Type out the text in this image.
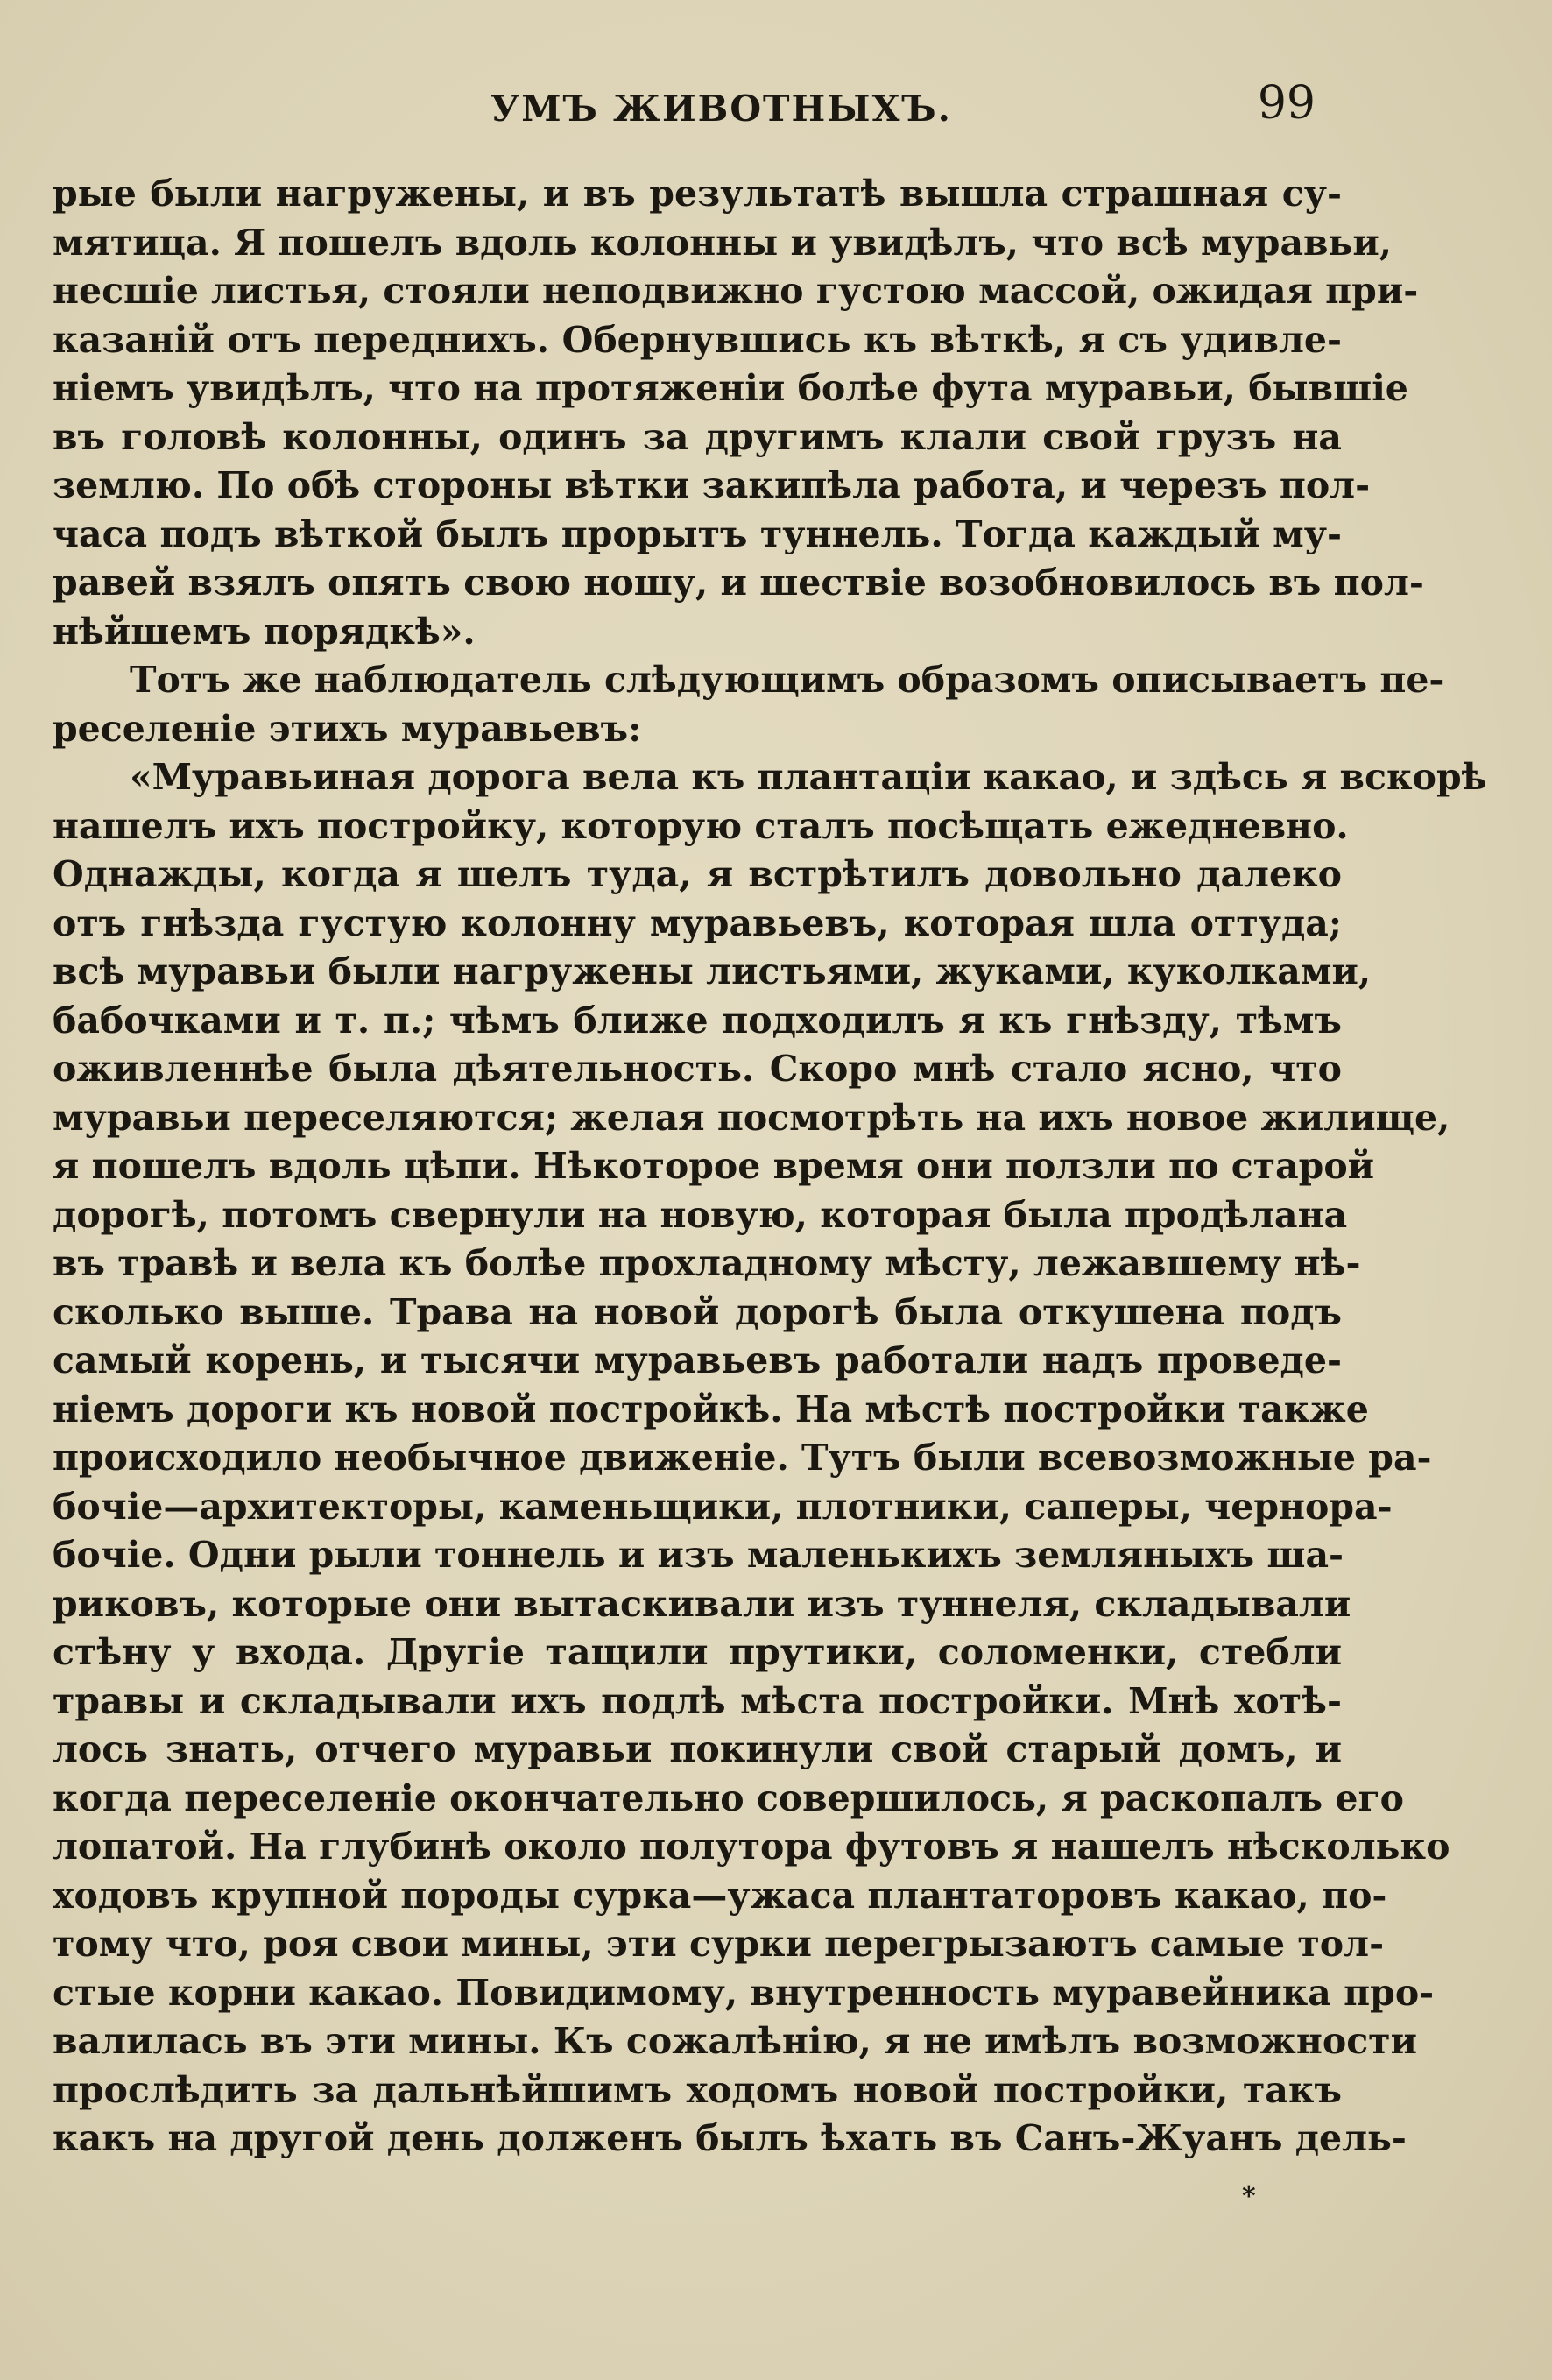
УМЪ ЖИВОТНЫХЪ.	99
рые были нагружены, и въ результатѣ вышла страшная су-
мятица. Я пошелъ вдоль колонны и увидѣлъ, что всѣ муравьи,
несшіе листья, стояли неподвижно густою массой, ожидая при-
казаній отъ переднихъ. Обернувшись къ вѣткѣ, я съ удивле-
ніемъ увидѣлъ, что на протяженіи болѣе фута муравьи, бывшіе
въ головѣ колонны, одинъ за другимъ клали свой грузъ на
землю. По обѣ стороны вѣтки закипѣла работа, и черезъ пол-
часа подъ вѣткой былъ прорытъ туннель. Тогда каждый му-
равей взялъ опять свою ношу, и шествіе возобновилось въ пол-
нѣйшемъ порядкѣ».
Тотъ же наблюдатель слѣдующимъ образомъ описываетъ пе-
реселеніе этихъ муравьевъ:
«Муравьиная дорога вела къ плантаціи какао, и здѣсь я вскорѣ
нашелъ ихъ постройку, которую сталъ посѣщать ежедневно.
Однажды, когда я шелъ туда, я встрѣтилъ довольно далеко
отъ гнѣзда густую колонну муравьевъ, которая шла оттуда;
всѣ муравьи были нагружены листьями, жуками, куколками,
бабочками и т. п.; чѣмъ ближе подходилъ я къ гнѣзду, тѣмъ
оживленнѣе была дѣятельность. Скоро мнѣ стало ясно, что
муравьи переселяются; желая посмотрѣть на ихъ новое жилище,
я пошелъ вдоль цѣпи. Нѣкоторое время они ползли по старой
дорогѣ, потомъ свернули на новую, которая была продѣлана
въ травѣ и вела къ болѣе прохладному мѣсту, лежавшему нѣ-
сколько выше. Трава на новой дорогѣ была откушена подъ
самый корень, и тысячи муравьевъ работали надъ проведе-
ніемъ дороги къ новой постройкѣ. На мѣстѣ постройки также
происходило необычное движеніе. Тутъ были всевозможные ра-
бочіе—архитекторы, каменьщики, плотники, саперы, чернора-
бочіе. Одни рыли тоннель и изъ маленькихъ земляныхъ ша-
риковъ, которые они вытаскивали изъ туннеля, складывали
стѣну у входа. Другіе тащили прутики, соломенки, стебли
травы и складывали ихъ подлѣ мѣста постройки. Мнѣ хотѣ-
лось знать, отчего муравьи покинули свой старый домъ, и
когда переселеніе окончательно совершилось, я раскопалъ его
лопатой. На глубинѣ около полутора футовъ я нашелъ нѣсколько
ходовъ крупной породы сурка—ужаса плантаторовъ какао, по-
тому что, роя свои мины, эти сурки перегрызаютъ самые тол-
стые корни какао. Повидимому, внутренность муравейника про-
валилась въ эти мины. Къ сожалѣнію, я не имѣлъ возможности
прослѣдить за дальнѣйшимъ ходомъ новой постройки, такъ
какъ на другой день долженъ былъ ѣхать въ Санъ-Жуанъ дель-
*
